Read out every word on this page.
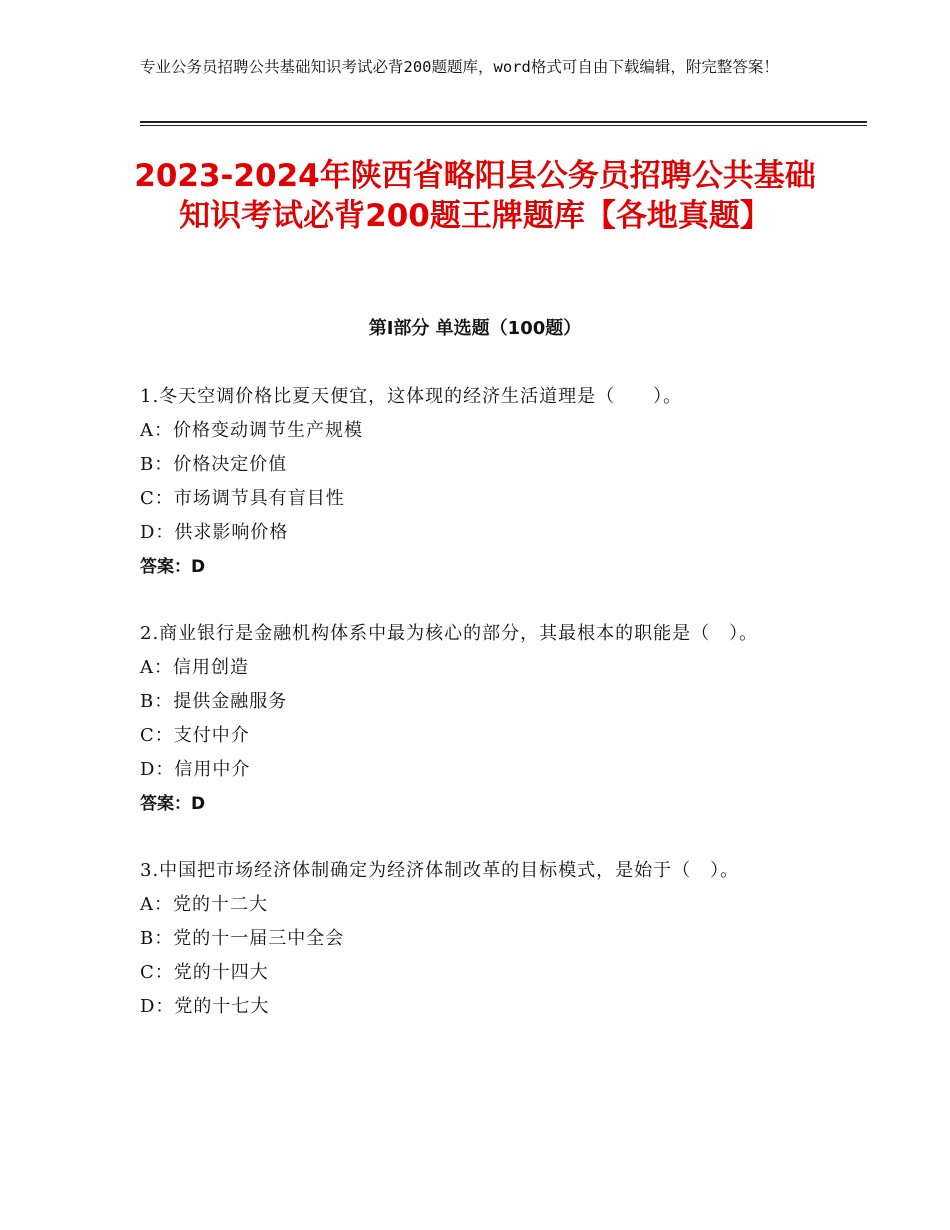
专业公务员招聘公共基础知识考试必背200题题库，word格式可自由下载编辑，附完整答案！
2023-2024年陕西省略阳县公务员招聘公共基础知识考试必背200题王牌题库【各地真题】
第Ⅰ部分 单选题（100题）
1.冬天空调价格比夏天便宜，这体现的经济生活道理是（　　）。
A：价格变动调节生产规模
B：价格决定价值
C：市场调节具有盲目性
D：供求影响价格
答案：D
2.商业银行是金融机构体系中最为核心的部分，其最根本的职能是（　）。
A：信用创造
B：提供金融服务
C：支付中介
D：信用中介
答案：D
3.中国把市场经济体制确定为经济体制改革的目标模式，是始于（　）。
A：党的十二大
B：党的十一届三中全会
C：党的十四大
D：党的十七大
